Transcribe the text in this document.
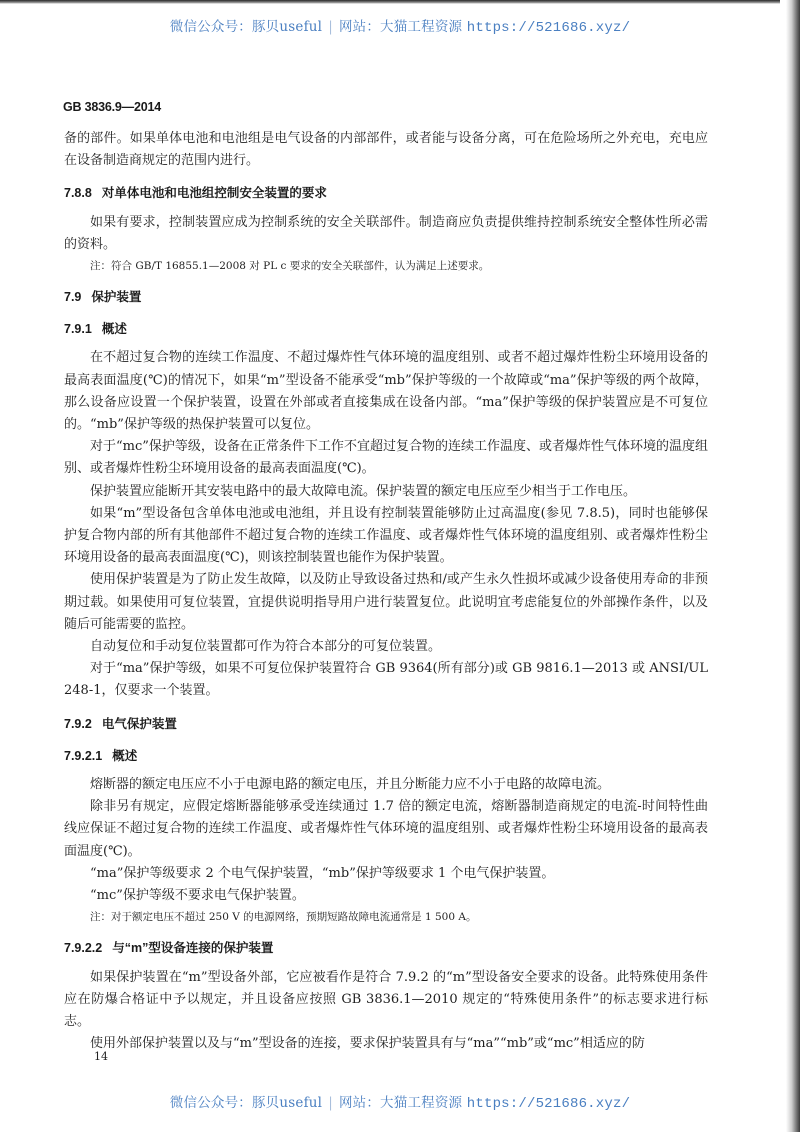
微信公众号：豚贝useful | 网站：大猫工程资源 https://521686.xyz/
GB 3836.9—2014

备的部件。如果单体电池和电池组是电气设备的内部部件，或者能与设备分离，可在危险场所之外充电，充电应在设备制造商规定的范围内进行。

7.8.8 对单体电池和电池组控制安全装置的要求

如果有要求，控制装置应成为控制系统的安全关联部件。制造商应负责提供维持控制系统安全整体性所必需的资料。

注：符合 GB/T 16855.1—2008 对 PL c 要求的安全关联部件，认为满足上述要求。

7.9 保护装置

7.9.1 概述

在不超过复合物的连续工作温度、不超过爆炸性气体环境的温度组别、或者不超过爆炸性粉尘环境用设备的最高表面温度(℃)的情况下，如果“m”型设备不能承受“mb”保护等级的一个故障或“ma”保护等级的两个故障，那么设备应设置一个保护装置，设置在外部或者直接集成在设备内部。“ma”保护等级的保护装置应是不可复位的。“mb”保护等级的热保护装置可以复位。

对于“mc”保护等级，设备在正常条件下工作不宜超过复合物的连续工作温度、或者爆炸性气体环境的温度组别、或者爆炸性粉尘环境用设备的最高表面温度(℃)。

保护装置应能断开其安装电路中的最大故障电流。保护装置的额定电压应至少相当于工作电压。

如果“m”型设备包含单体电池或电池组，并且设有控制装置能够防止过高温度(参见 7.8.5)，同时也能够保护复合物内部的所有其他部件不超过复合物的连续工作温度、或者爆炸性气体环境的温度组别、或者爆炸性粉尘环境用设备的最高表面温度(℃)，则该控制装置也能作为保护装置。

使用保护装置是为了防止发生故障，以及防止导致设备过热和/或产生永久性损坏或减少设备使用寿命的非预期过载。如果使用可复位装置，宜提供说明指导用户进行装置复位。此说明宜考虑能复位的外部操作条件，以及随后可能需要的监控。

自动复位和手动复位装置都可作为符合本部分的可复位装置。

对于“ma”保护等级，如果不可复位保护装置符合 GB 9364(所有部分)或 GB 9816.1—2013 或 ANSI/UL 248-1，仅要求一个装置。

7.9.2 电气保护装置

7.9.2.1 概述

熔断器的额定电压应不小于电源电路的额定电压，并且分断能力应不小于电路的故障电流。

除非另有规定，应假定熔断器能够承受连续通过 1.7 倍的额定电流，熔断器制造商规定的电流-时间特性曲线应保证不超过复合物的连续工作温度、或者爆炸性气体环境的温度组别、或者爆炸性粉尘环境用设备的最高表面温度(℃)。

“ma”保护等级要求 2 个电气保护装置，“mb”保护等级要求 1 个电气保护装置。

“mc”保护等级不要求电气保护装置。

注：对于额定电压不超过 250 V 的电源网络，预期短路故障电流通常是 1 500 A。

7.9.2.2 与“m”型设备连接的保护装置

如果保护装置在“m”型设备外部，它应被看作是符合 7.9.2 的“m”型设备安全要求的设备。此特殊使用条件应在防爆合格证中予以规定，并且设备应按照 GB 3836.1—2010 规定的“特殊使用条件”的标志要求进行标志。

使用外部保护装置以及与“m”型设备的连接，要求保护装置具有与“ma”“mb”或“mc”相适应的防

14
微信公众号：豚贝useful | 网站：大猫工程资源 https://521686.xyz/
